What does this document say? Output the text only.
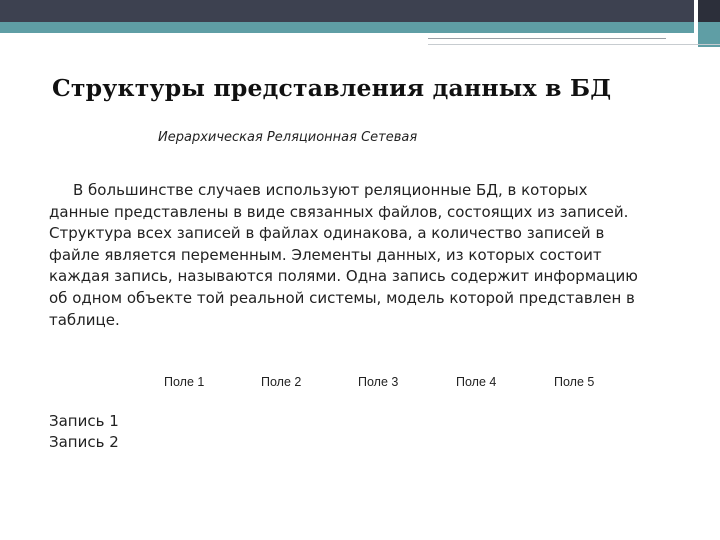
Структуры представления данных в БД
Иерархическая Реляционная Сетевая
В большинстве случаев используют реляционные БД, в которых данные представлены в виде связанных файлов, состоящих из записей. Структура всех записей в файлах одинакова, а количество записей в файле является переменным. Элементы данных, из которых состоит каждая запись, называются полями. Одна запись содержит информацию об одном объекте той реальной системы, модель которой представлен в таблице.
Поле 1	Поле 2	Поле 3	Поле 4	Поле 5
Запись 1
Запись 2
